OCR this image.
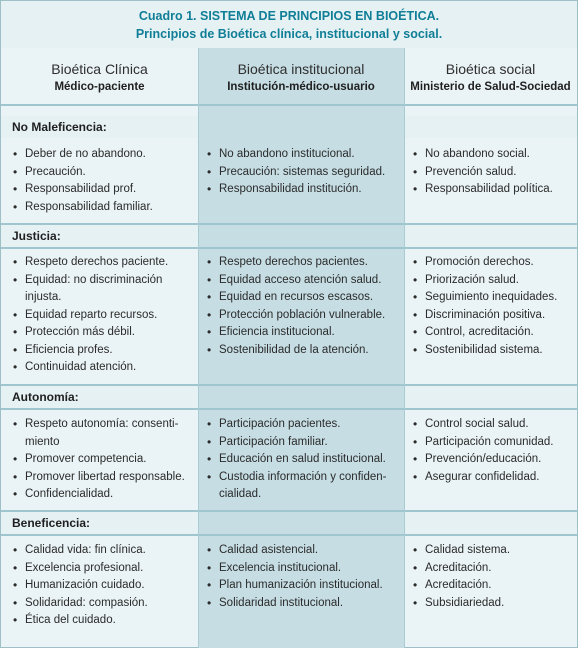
Cuadro 1. SISTEMA DE PRINCIPIOS EN BIOÉTICA.
Principios de Bioética clínica, institucional y social.
Bioética Clínica
Médico-paciente
Bioética institucional
Institución-médico-usuario
Bioética social
Ministerio de Salud-Sociedad
No Maleficencia:
• Deber de no abandono.
• Precaución.
• Responsabilidad prof.
• Responsabilidad familiar.
• No abandono institucional.
• Precaución: sistemas seguridad.
• Responsabilidad institución.
• No abandono social.
• Prevención salud.
• Responsabilidad política.
Justicia:
• Respeto derechos paciente.
• Equidad: no discriminación injusta.
• Equidad reparto recursos.
• Protección más débil.
• Eficiencia profes.
• Continuidad atención.
• Respeto derechos pacientes.
• Equidad acceso atención salud.
• Equidad en recursos escasos.
• Protección población vulnerable.
• Eficiencia institucional.
• Sostenibilidad de la atención.
• Promoción derechos.
• Priorización salud.
• Seguimiento inequidades.
• Discriminación positiva.
• Control, acreditación.
• Sostenibilidad sistema.
Autonomía:
• Respeto autonomía: consenti-miento
• Promover competencia.
• Promover libertad responsable.
• Confidencialidad.
• Participación pacientes.
• Participación familiar.
• Educación en salud institucional.
• Custodia información y confiden-cialidad.
• Control social salud.
• Participación comunidad.
• Prevención/educación.
• Asegurar confidelidad.
Beneficencia:
• Calidad vida: fin clínica.
• Excelencia profesional.
• Humanización cuidado.
• Solidaridad: compasión.
• Ética del cuidado.
• Calidad asistencial.
• Excelencia institucional.
• Plan humanización institucional.
• Solidaridad institucional.
• Calidad sistema.
• Acreditación.
• Acreditación.
• Subsidiariedad.
